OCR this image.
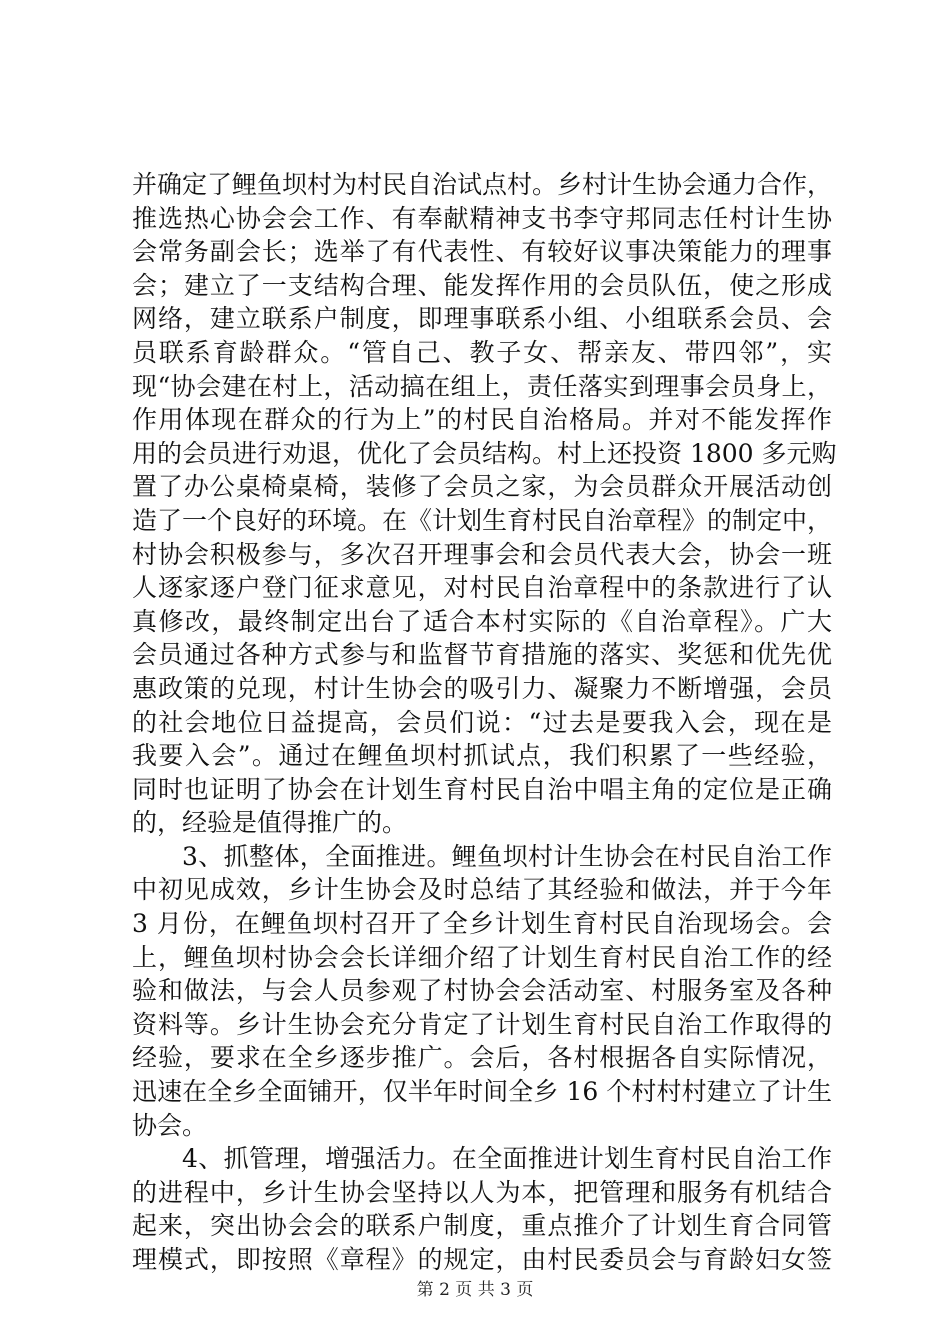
并确定了鲤鱼坝村为村民自治试点村。乡村计生协会通力合作，
推选热心协会会工作、有奉献精神支书李守邦同志任村计生协
会常务副会长；选举了有代表性、有较好议事决策能力的理事
会；建立了一支结构合理、能发挥作用的会员队伍，使之形成
网络，建立联系户制度，即理事联系小组、小组联系会员、会
员联系育龄群众。“管自己、教子女、帮亲友、带四邻”，实
现“协会建在村上，活动搞在组上，责任落实到理事会员身上，
作用体现在群众的行为上”的村民自治格局。并对不能发挥作
用的会员进行劝退，优化了会员结构。村上还投资 1800 多元购
置了办公桌椅桌椅，装修了会员之家，为会员群众开展活动创
造了一个良好的环境。在《计划生育村民自治章程》的制定中，
村协会积极参与，多次召开理事会和会员代表大会，协会一班
人逐家逐户登门征求意见，对村民自治章程中的条款进行了认
真修改，最终制定出台了适合本村实际的《自治章程》。广大
会员通过各种方式参与和监督节育措施的落实、奖惩和优先优
惠政策的兑现，村计生协会的吸引力、凝聚力不断增强，会员
的社会地位日益提高，会员们说：“过去是要我入会，现在是
我要入会”。通过在鲤鱼坝村抓试点，我们积累了一些经验，
同时也证明了协会在计划生育村民自治中唱主角的定位是正确
的，经验是值得推广的。
3、抓整体，全面推进。鲤鱼坝村计生协会在村民自治工作
中初见成效，乡计生协会及时总结了其经验和做法，并于今年
3 月份，在鲤鱼坝村召开了全乡计划生育村民自治现场会。会
上，鲤鱼坝村协会会长详细介绍了计划生育村民自治工作的经
验和做法，与会人员参观了村协会会活动室、村服务室及各种
资料等。乡计生协会充分肯定了计划生育村民自治工作取得的
经验，要求在全乡逐步推广。会后，各村根据各自实际情况，
迅速在全乡全面铺开，仅半年时间全乡 16 个村村村建立了计生
协会。
4、抓管理，增强活力。在全面推进计划生育村民自治工作
的进程中，乡计生协会坚持以人为本，把管理和服务有机结合
起来，突出协会会的联系户制度，重点推介了计划生育合同管
理模式，即按照《章程》的规定，由村民委员会与育龄妇女签
第 2 页 共 3 页
